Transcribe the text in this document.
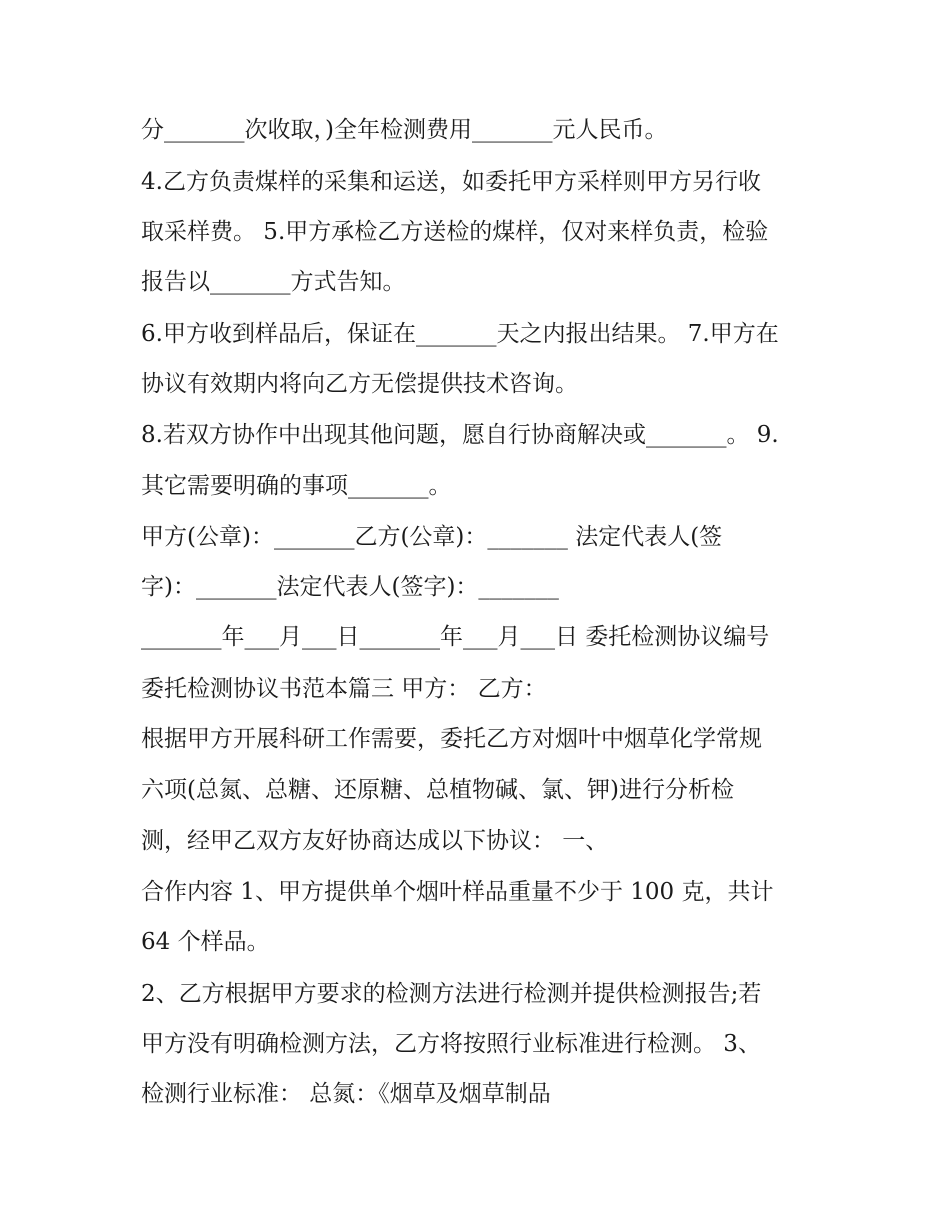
分_______次收取，)全年检测费用_______元人民币。
4.乙方负责煤样的采集和运送，如委托甲方采样则甲方另行收
取采样费。 5.甲方承检乙方送检的煤样，仅对来样负责，检验
报告以_______方式告知。
6.甲方收到样品后，保证在_______天之内报出结果。 7.甲方在
协议有效期内将向乙方无偿提供技术咨询。
8.若双方协作中出现其他问题，愿自行协商解决或_______。 9.
其它需要明确的事项_______。
甲方(公章)：_______乙方(公章)：_______ 法定代表人(签
字)：_______法定代表人(签字)：_______
_______年___月___日_______年___月___日 委托检测协议编号
委托检测协议书范本篇三 甲方： 乙方：
根据甲方开展科研工作需要，委托乙方对烟叶中烟草化学常规
六项(总氮、总糖、还原糖、总植物碱、氯、钾)进行分析检
测，经甲乙双方友好协商达成以下协议： 一、
合作内容 1、甲方提供单个烟叶样品重量不少于 100 克，共计
64 个样品。
2、乙方根据甲方要求的检测方法进行检测并提供检测报告;若
甲方没有明确检测方法，乙方将按照行业标准进行检测。 3、
检测行业标准： 总氮：《烟草及烟草制品
